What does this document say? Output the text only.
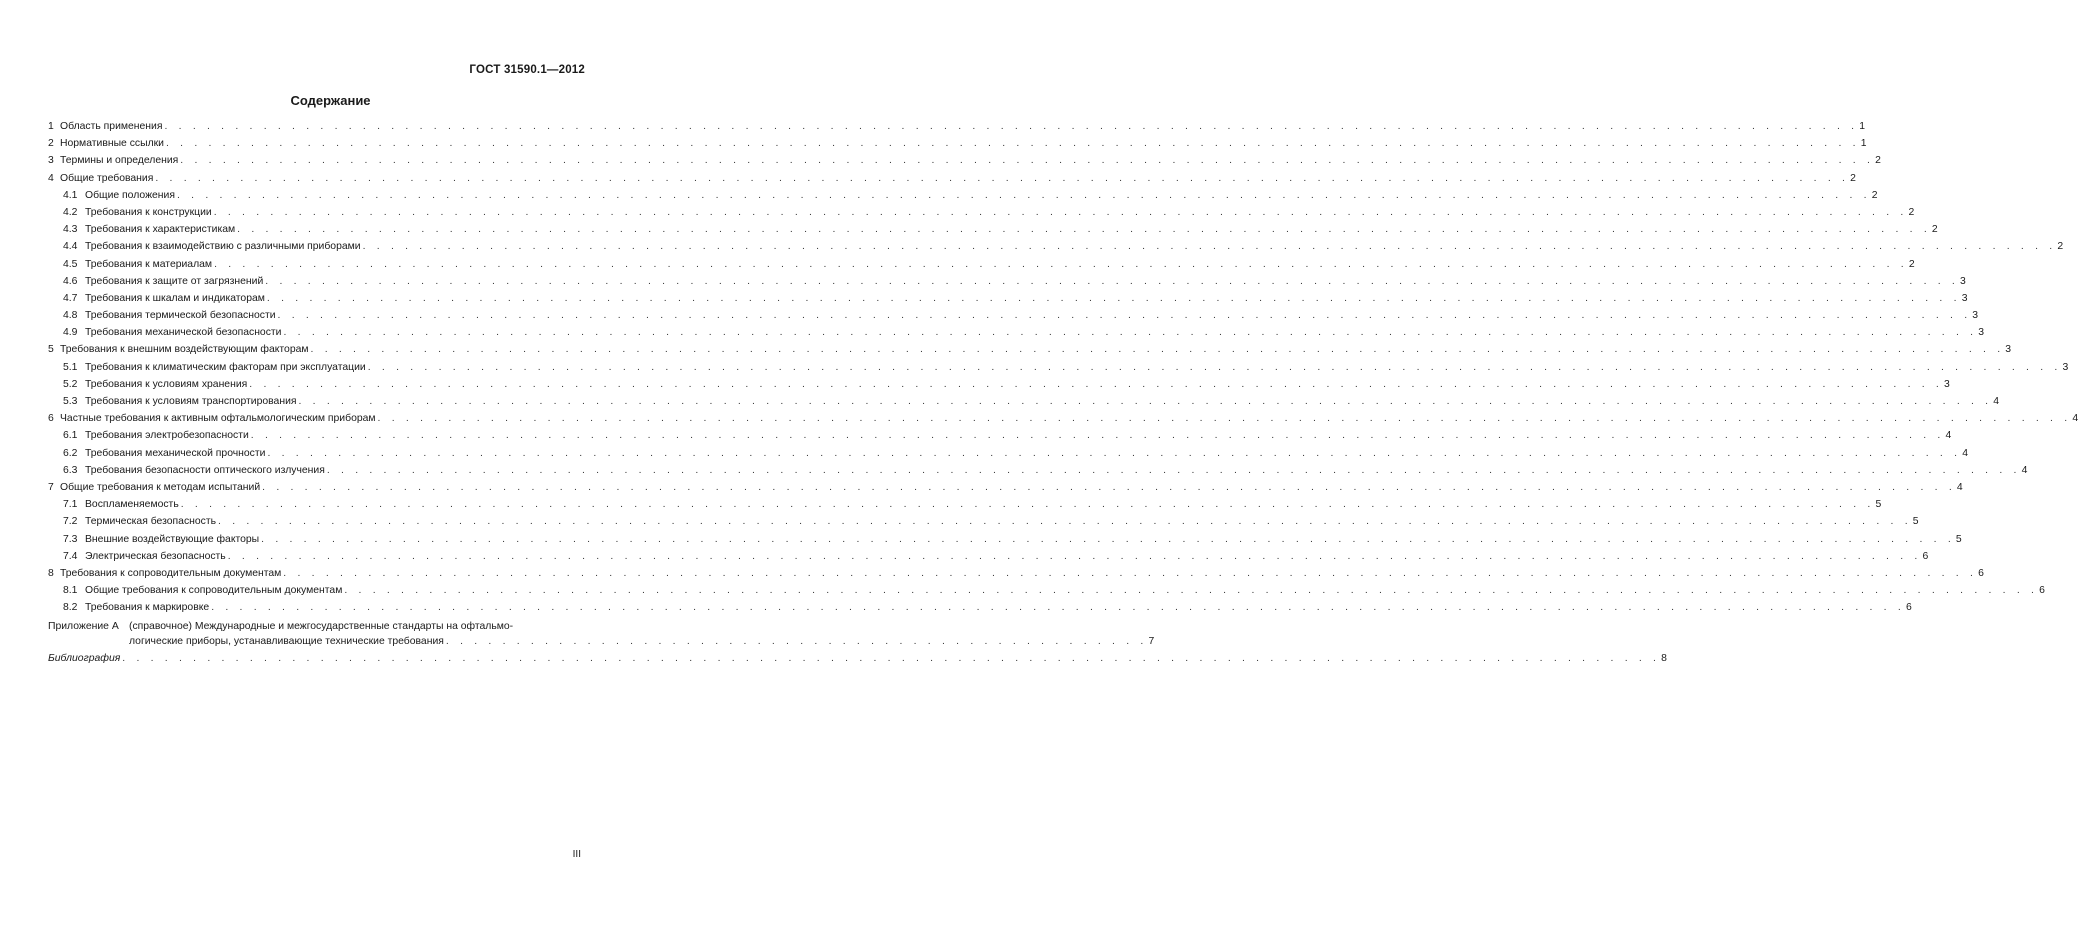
ГОСТ 31590.1—2012
Содержание
1 Область применения . . . . . . . . . . . . . . . . . . . . . . . . . . . . . . . . . . . . . . . . . . . . . . . . . . . . . . . . . . . . . . . . . . . . . . . . . . . . . . . . . . . . . . . . . . . . . . . . . . . . . . . . . . . . . . . . . . . . . . . . 1
2 Нормативные ссылки . . . . . . . . . . . . . . . . . . . . . . . . . . . . . . . . . . . . . . . . . . . . . . . . . . . . . . . . . . . . . . . . . . . . . . . . . . . . . . . . . . . . . . . . . . . . . . . . . . . . . . . . . . . . . . . . . . . . . . . . 1
3 Термины и определения . . . . . . . . . . . . . . . . . . . . . . . . . . . . . . . . . . . . . . . . . . . . . . . . . . . . . . . . . . . . . . . . . . . . . . . . . . . . . . . . . . . . . . . . . . . . . . . . . . . . . . . . . . . . . . . . . . . . . . . . 2
4 Общие требования . . . . . . . . . . . . . . . . . . . . . . . . . . . . . . . . . . . . . . . . . . . . . . . . . . . . . . . . . . . . . . . . . . . . . . . . . . . . . . . . . . . . . . . . . . . . . . . . . . . . . . . . . . . . . . . . . . . . . . . . 2
4.1 Общие положения . . . . . . . . . . . . . . . . . . . . . . . . . . . . . . . . . . . . . . . . . . . . . . . . . . . . . . . . . . . . . . . . . . . . . . . . . . . . . . . . . . . . . . . . . . . . . . . . . . . . . . . . . . . . . . . . . . . . . . . . 2
4.2 Требования к конструкции . . . . . . . . . . . . . . . . . . . . . . . . . . . . . . . . . . . . . . . . . . . . . . . . . . . . . . . . . . . . . . . . . . . . . . . . . . . . . . . . . . . . . . . . . . . . . . . . . . . . . . . . . . . . . . . . . . . . . . . . 2
4.3 Требования к характеристикам . . . . . . . . . . . . . . . . . . . . . . . . . . . . . . . . . . . . . . . . . . . . . . . . . . . . . . . . . . . . . . . . . . . . . . . . . . . . . . . . . . . . . . . . . . . . . . . . . . . . . . . . . . . . . . . . . . . . . . . . 2
4.4 Требования к взаимодействию с различными приборами . . . . . . . . . . . . . . . . . . . . . . . . . . . . . . . . . . . . . . . . . . . . . . . . . . . . . . . . . . . . . . . . . . . . . . . . . . . . . . . . . . . . . . . . . . . . . . . . . . . . . . . . . . . . . . . . . . . . . . . . 2
4.5 Требования к материалам . . . . . . . . . . . . . . . . . . . . . . . . . . . . . . . . . . . . . . . . . . . . . . . . . . . . . . . . . . . . . . . . . . . . . . . . . . . . . . . . . . . . . . . . . . . . . . . . . . . . . . . . . . . . . . . . . . . . . . . . 2
4.6 Требования к защите от загрязнений . . . . . . . . . . . . . . . . . . . . . . . . . . . . . . . . . . . . . . . . . . . . . . . . . . . . . . . . . . . . . . . . . . . . . . . . . . . . . . . . . . . . . . . . . . . . . . . . . . . . . . . . . . . . . . . . . . . . . . . . 3
4.7 Требования к шкалам и индикаторам . . . . . . . . . . . . . . . . . . . . . . . . . . . . . . . . . . . . . . . . . . . . . . . . . . . . . . . . . . . . . . . . . . . . . . . . . . . . . . . . . . . . . . . . . . . . . . . . . . . . . . . . . . . . . . . . . . . . . . . . 3
4.8 Требования термической безопасности . . . . . . . . . . . . . . . . . . . . . . . . . . . . . . . . . . . . . . . . . . . . . . . . . . . . . . . . . . . . . . . . . . . . . . . . . . . . . . . . . . . . . . . . . . . . . . . . . . . . . . . . . . . . . . . . . . . . . . . . 3
4.9 Требования механической безопасности . . . . . . . . . . . . . . . . . . . . . . . . . . . . . . . . . . . . . . . . . . . . . . . . . . . . . . . . . . . . . . . . . . . . . . . . . . . . . . . . . . . . . . . . . . . . . . . . . . . . . . . . . . . . . . . . . . . . . . . . 3
5 Требования к внешним воздействующим факторам . . . . . . . . . . . . . . . . . . . . . . . . . . . . . . . . . . . . . . . . . . . . . . . . . . . . . . . . . . . . . . . . . . . . . . . . . . . . . . . . . . . . . . . . . . . . . . . . . . . . . . . . . . . . . . . . . . . . . . . . 3
5.1 Требования к климатическим факторам при эксплуатации . . . . . . . . . . . . . . . . . . . . . . . . . . . . . . . . . . . . . . . . . . . . . . . . . . . . . . . . . . . . . . . . . . . . . . . . . . . . . . . . . . . . . . . . . . . . . . . . . . . . . . . . . . . . . . . . . . . . . . . . 3
5.2 Требования к условиям хранения . . . . . . . . . . . . . . . . . . . . . . . . . . . . . . . . . . . . . . . . . . . . . . . . . . . . . . . . . . . . . . . . . . . . . . . . . . . . . . . . . . . . . . . . . . . . . . . . . . . . . . . . . . . . . . . . . . . . . . . . 3
5.3 Требования к условиям транспортирования . . . . . . . . . . . . . . . . . . . . . . . . . . . . . . . . . . . . . . . . . . . . . . . . . . . . . . . . . . . . . . . . . . . . . . . . . . . . . . . . . . . . . . . . . . . . . . . . . . . . . . . . . . . . . . . . . . . . . . . . 4
6 Частные требования к активным офтальмологическим приборам . . . . . . . . . . . . . . . . . . . . . . . . . . . . . . . . . . . . . . . . . . . . . . . . . . . . . . . . . . . . . . . . . . . . . . . . . . . . . . . . . . . . . . . . . . . . . . . . . . . . . . . . . . . . . . . . . . . . . . . . 4
6.1 Требования электробезопасности . . . . . . . . . . . . . . . . . . . . . . . . . . . . . . . . . . . . . . . . . . . . . . . . . . . . . . . . . . . . . . . . . . . . . . . . . . . . . . . . . . . . . . . . . . . . . . . . . . . . . . . . . . . . . . . . . . . . . . . . 4
6.2 Требования механической прочности . . . . . . . . . . . . . . . . . . . . . . . . . . . . . . . . . . . . . . . . . . . . . . . . . . . . . . . . . . . . . . . . . . . . . . . . . . . . . . . . . . . . . . . . . . . . . . . . . . . . . . . . . . . . . . . . . . . . . . . . 4
6.3 Требования безопасности оптического излучения . . . . . . . . . . . . . . . . . . . . . . . . . . . . . . . . . . . . . . . . . . . . . . . . . . . . . . . . . . . . . . . . . . . . . . . . . . . . . . . . . . . . . . . . . . . . . . . . . . . . . . . . . . . . . . . . . . . . . . . . 4
7 Общие требования к методам испытаний . . . . . . . . . . . . . . . . . . . . . . . . . . . . . . . . . . . . . . . . . . . . . . . . . . . . . . . . . . . . . . . . . . . . . . . . . . . . . . . . . . . . . . . . . . . . . . . . . . . . . . . . . . . . . . . . . . . . . . . . 4
7.1 Воспламеняемость . . . . . . . . . . . . . . . . . . . . . . . . . . . . . . . . . . . . . . . . . . . . . . . . . . . . . . . . . . . . . . . . . . . . . . . . . . . . . . . . . . . . . . . . . . . . . . . . . . . . . . . . . . . . . . . . . . . . . . . . 5
7.2 Термическая безопасность . . . . . . . . . . . . . . . . . . . . . . . . . . . . . . . . . . . . . . . . . . . . . . . . . . . . . . . . . . . . . . . . . . . . . . . . . . . . . . . . . . . . . . . . . . . . . . . . . . . . . . . . . . . . . . . . . . . . . . . . 5
7.3 Внешние воздействующие факторы . . . . . . . . . . . . . . . . . . . . . . . . . . . . . . . . . . . . . . . . . . . . . . . . . . . . . . . . . . . . . . . . . . . . . . . . . . . . . . . . . . . . . . . . . . . . . . . . . . . . . . . . . . . . . . . . . . . . . . . . 5
7.4 Электрическая безопасность . . . . . . . . . . . . . . . . . . . . . . . . . . . . . . . . . . . . . . . . . . . . . . . . . . . . . . . . . . . . . . . . . . . . . . . . . . . . . . . . . . . . . . . . . . . . . . . . . . . . . . . . . . . . . . . . . . . . . . . . 6
8 Требования к сопроводительным документам . . . . . . . . . . . . . . . . . . . . . . . . . . . . . . . . . . . . . . . . . . . . . . . . . . . . . . . . . . . . . . . . . . . . . . . . . . . . . . . . . . . . . . . . . . . . . . . . . . . . . . . . . . . . . . . . . . . . . . . . 6
8.1 Общие требования к сопроводительным документам . . . . . . . . . . . . . . . . . . . . . . . . . . . . . . . . . . . . . . . . . . . . . . . . . . . . . . . . . . . . . . . . . . . . . . . . . . . . . . . . . . . . . . . . . . . . . . . . . . . . . . . . . . . . . . . . . . . . . . . . 6
8.2 Требования к маркировке . . . . . . . . . . . . . . . . . . . . . . . . . . . . . . . . . . . . . . . . . . . . . . . . . . . . . . . . . . . . . . . . . . . . . . . . . . . . . . . . . . . . . . . . . . . . . . . . . . . . . . . . . . . . . . . . . . . . . . . . 6
Приложение А (справочное) Международные и межгосударственные стандарты на офтальмо-
логические приборы, устанавливающие технические требования . . . . . . . . . . . . . . . . . . . . . . . . . . . . . . . . . . . . . . . . . . . . . . . . . . 7
Библиография . . . . . . . . . . . . . . . . . . . . . . . . . . . . . . . . . . . . . . . . . . . . . . . . . . . . . . . . . . . . . . . . . . . . . . . . . . . . . . . . . . . . . . . . . . . . . . . . . . . . . . . . . . . . . 8
III
